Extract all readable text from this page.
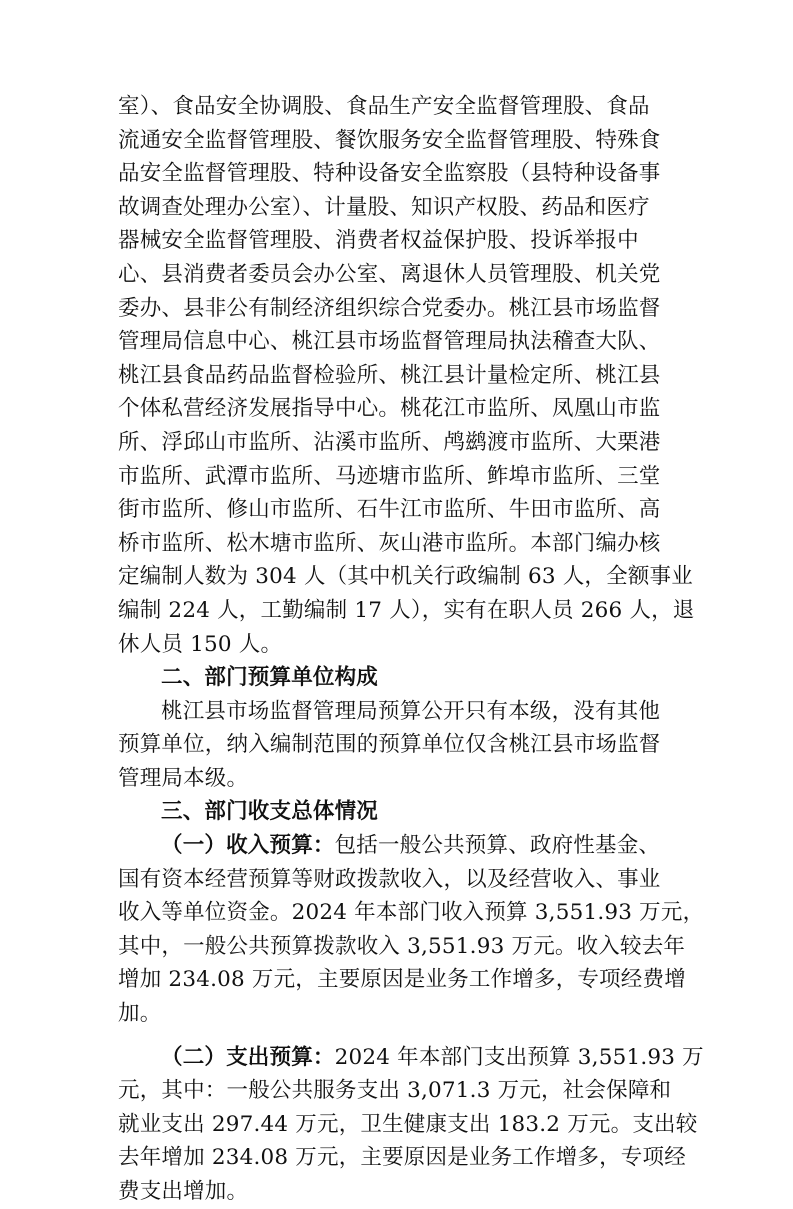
室）、食品安全协调股、食品生产安全监督管理股、食品
流通安全监督管理股、餐饮服务安全监督管理股、特殊食
品安全监督管理股、特种设备安全监察股（县特种设备事
故调查处理办公室）、计量股、知识产权股、药品和医疗
器械安全监督管理股、消费者权益保护股、投诉举报中
心、县消费者委员会办公室、离退休人员管理股、机关党
委办、县非公有制经济组织综合党委办。桃江县市场监督
管理局信息中心、桃江县市场监督管理局执法稽查大队、
桃江县食品药品监督检验所、桃江县计量检定所、桃江县
个体私营经济发展指导中心。桃花江市监所、凤凰山市监
所、浮邱山市监所、沾溪市监所、鸬鹚渡市监所、大栗港
市监所、武潭市监所、马迹塘市监所、鲊埠市监所、三堂
街市监所、修山市监所、石牛江市监所、牛田市监所、高
桥市监所、松木塘市监所、灰山港市监所。本部门编办核
定编制人数为 304 人（其中机关行政编制 63 人，全额事业
编制 224 人，工勤编制 17 人），实有在职人员 266 人，退
休人员 150 人。
二、部门预算单位构成
桃江县市场监督管理局预算公开只有本级，没有其他
预算单位，纳入编制范围的预算单位仅含桃江县市场监督
管理局本级。
三、部门收支总体情况
（一）收入预算：包括一般公共预算、政府性基金、
国有资本经营预算等财政拨款收入，以及经营收入、事业
收入等单位资金。2024 年本部门收入预算 3,551.93 万元，
其中，一般公共预算拨款收入 3,551.93 万元。收入较去年
增加 234.08 万元，主要原因是业务工作增多，专项经费增
加。
（二）支出预算：2024 年本部门支出预算 3,551.93 万
元，其中：一般公共服务支出 3,071.3 万元，社会保障和
就业支出 297.44 万元，卫生健康支出 183.2 万元。支出较
去年增加 234.08 万元，主要原因是业务工作增多，专项经
费支出增加。
